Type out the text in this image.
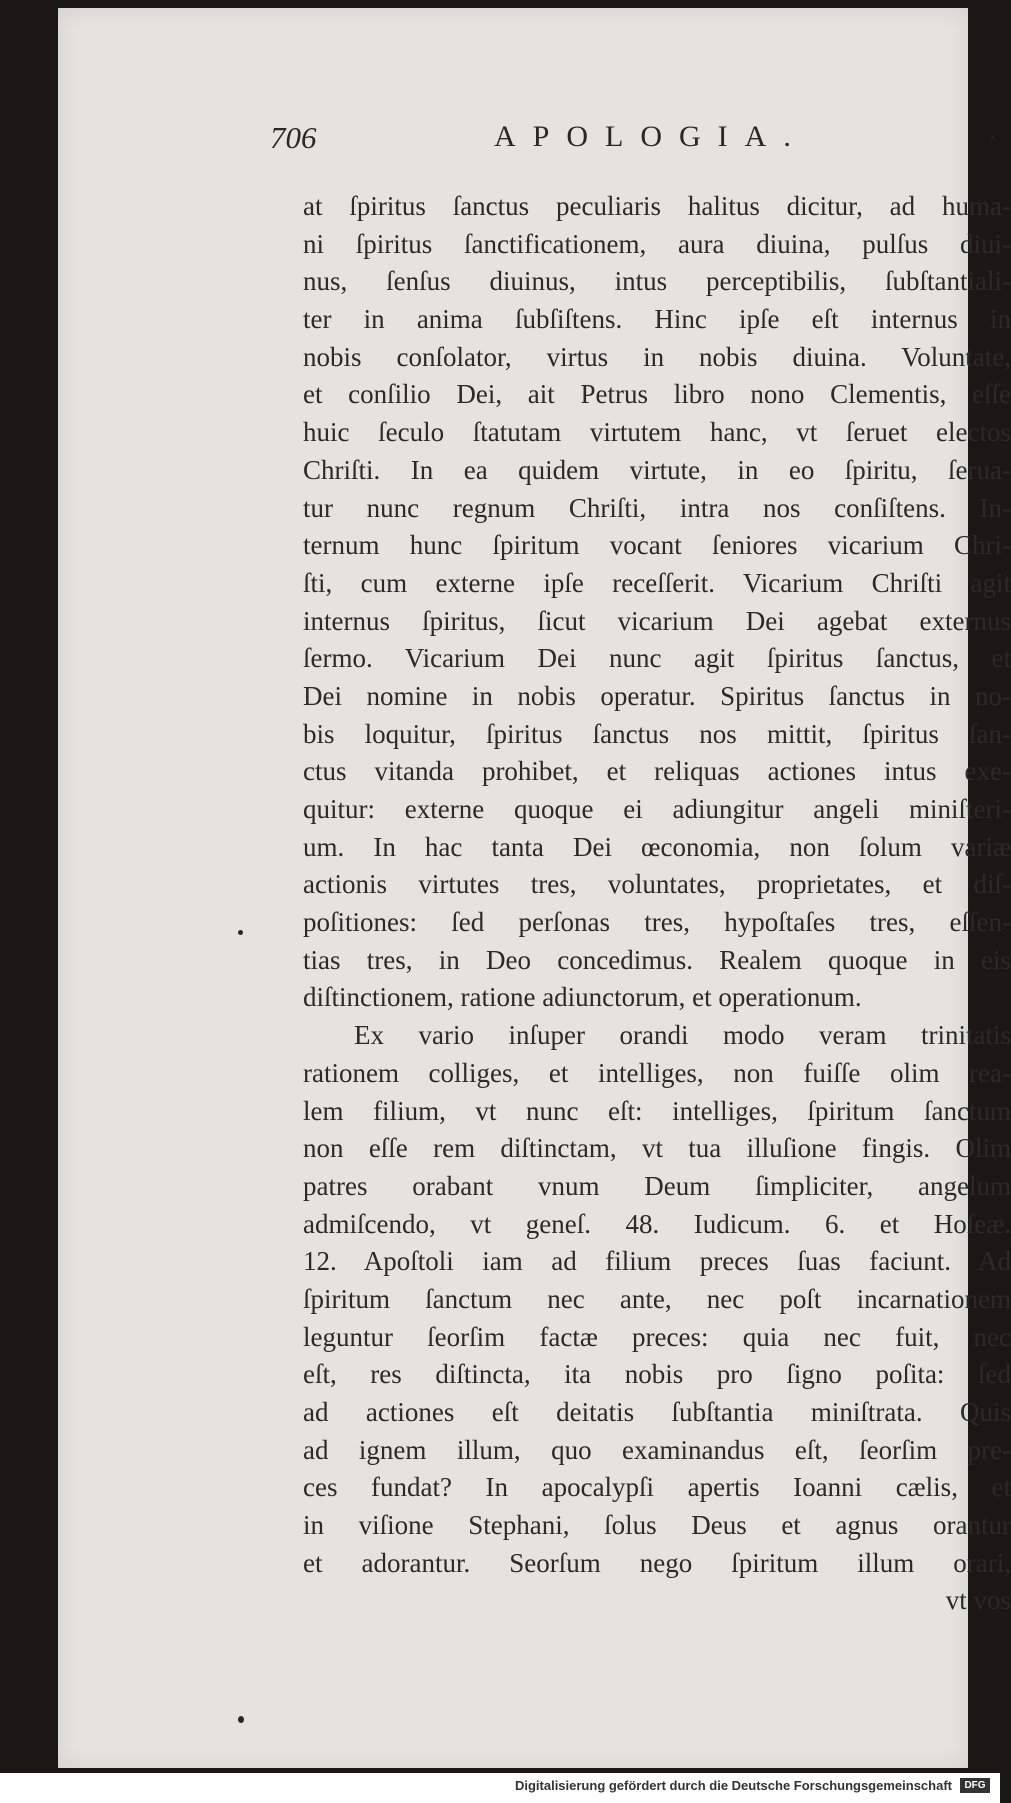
706	APOLOGIA.
at ſpiritus ſanctus peculiaris halitus dicitur, ad huma-
ni ſpiritus ſanctificationem, aura diuina, pulſus diui-
nus, ſenſus diuinus, intus perceptibilis, ſubſtantiali-
ter in anima ſubſiſtens. Hinc ipſe eſt internus in
nobis conſolator, virtus in nobis diuina. Voluntate,
et conſilio Dei, ait Petrus libro nono Clementis, eſſe
huic ſeculo ſtatutam virtutem hanc, vt ſeruet electos
Chriſti. In ea quidem virtute, in eo ſpiritu, ſerua-
tur nunc regnum Chriſti, intra nos conſiſtens. In-
ternum hunc ſpiritum vocant ſeniores vicarium Chri-
ſti, cum externe ipſe receſſerit. Vicarium Chriſti agit
internus ſpiritus, ſicut vicarium Dei agebat externus
ſermo. Vicarium Dei nunc agit ſpiritus ſanctus, et
Dei nomine in nobis operatur. Spiritus ſanctus in no-
bis loquitur, ſpiritus ſanctus nos mittit, ſpiritus ſan-
ctus vitanda prohibet, et reliquas actiones intus exe-
quitur: externe quoque ei adiungitur angeli miniſteri-
um. In hac tanta Dei œconomia, non ſolum variæ
actionis virtutes tres, voluntates, proprietates, et diſ-
poſitiones: ſed perſonas tres, hypoſtaſes tres, eſſen-
tias tres, in Deo concedimus. Realem quoque in eis
diſtinctionem, ratione adiunctorum, et operationum.
Ex vario inſuper orandi modo veram trinitatis
rationem colliges, et intelliges, non fuiſſe olim rea-
lem filium, vt nunc eſt: intelliges, ſpiritum ſanctum
non eſſe rem diſtinctam, vt tua illuſione fingis. Olim
patres orabant vnum Deum ſimpliciter, angelum
admiſcendo, vt geneſ. 48. Iudicum. 6. et Hoſeæ.
12. Apoſtoli iam ad filium preces ſuas faciunt. Ad
ſpiritum ſanctum nec ante, nec poſt incarnationem
leguntur ſeorſim factæ preces: quia nec fuit, nec
eſt, res diſtincta, ita nobis pro ſigno poſita: ſed
ad actiones eſt deitatis ſubſtantia miniſtrata. Quis
ad ignem illum, quo examinandus eſt, ſeorſim pre-
ces fundat? In apocalypſi apertis Ioanni cælis, et
in viſione Stephani, ſolus Deus et agnus orantur
et adorantur. Seorſum nego ſpiritum illum orari,
vt vos
Digitalisierung gefördert durch die Deutsche Forschungsgemeinschaft	DFG
